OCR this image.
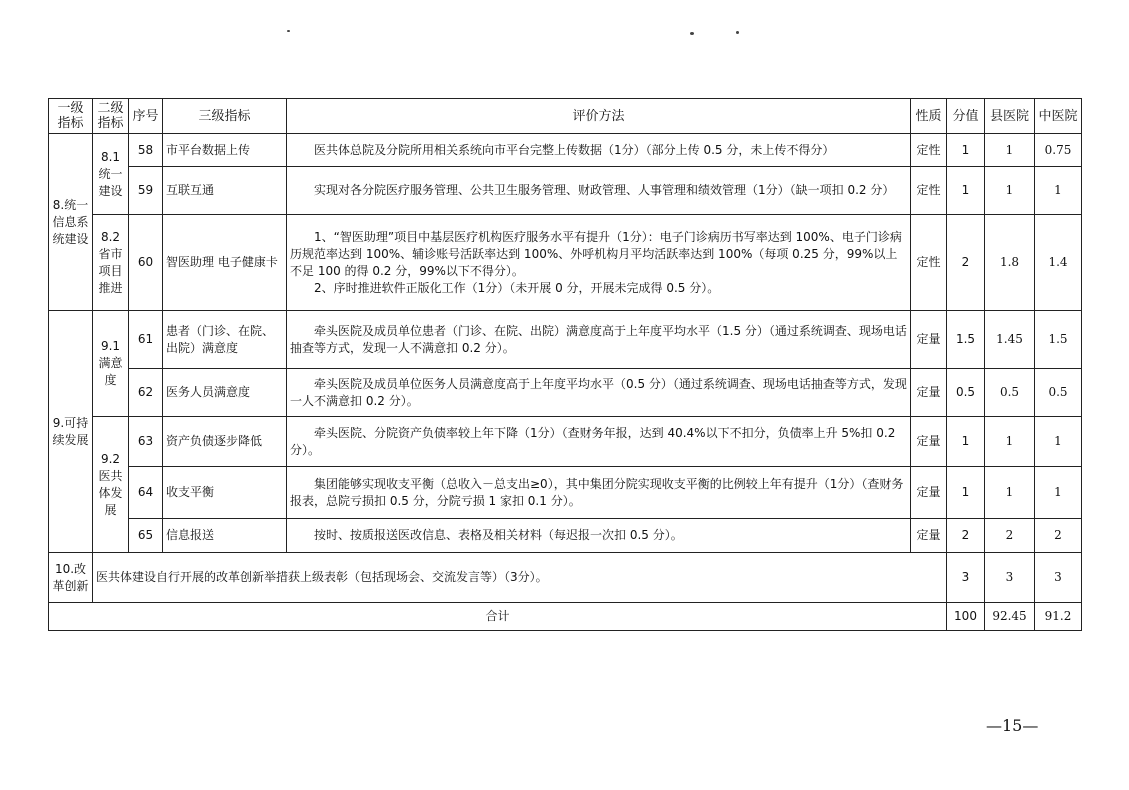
一级指标	二级指标	序号	三级指标	评价方法	性质	分值	县医院	中医院
8.统一信息系统建设	8.1统一建设	58	市平台数据上传	医共体总院及分院所用相关系统向市平台完整上传数据（1分）（部分上传 0.5 分，未上传不得分）	定性	1	1	0.75
		59	互联互通	实现对各分院医疗服务管理、公共卫生服务管理、财政管理、人事管理和绩效管理（1分）（缺一项扣 0.2 分）	定性	1	1	1
	8.2省市项目推进	60	智医助理 电子健康卡	1、“智医助理”项目中基层医疗机构医疗服务水平有提升（1分）：电子门诊病历书写率达到 100%、电子门诊病历规范率达到 100%、辅诊账号活跃率达到 100%、外呼机构月平均活跃率达到 100%（每项 0.25 分，99%以上不足 100 的得 0.2 分，99%以下不得分）。
2、序时推进软件正版化工作（1分）（未开展 0 分，开展未完成得 0.5 分）。	定性	2	1.8	1.4

9.可持续发展	9.1满意度	61	患者（门诊、在院、出院）满意度	牵头医院及成员单位患者（门诊、在院、出院）满意度高于上年度平均水平（1.5 分）（通过系统调查、现场电话抽查等方式，发现一人不满意扣 0.2 分）。	定量	1.5	1.45	1.5
		62	医务人员满意度	牵头医院及成员单位医务人员满意度高于上年度平均水平（0.5 分）（通过系统调查、现场电话抽查等方式，发现一人不满意扣 0.2 分）。	定量	0.5	0.5	0.5
	9.2医共体发展	63	资产负债逐步降低	牵头医院、分院资产负债率较上年下降（1分）（查财务年报，达到 40.4%以下不扣分，负债率上升 5%扣 0.2 分）。	定量	1	1	1
		64	收支平衡	集团能够实现收支平衡（总收入－总支出≥0），其中集团分院实现收支平衡的比例较上年有提升（1分）（查财务报表，总院亏损扣 0.5 分，分院亏损 1 家扣 0.1 分）。	定量	1	1	1
		65	信息报送	按时、按质报送医改信息、表格及相关材料（每迟报一次扣 0.5 分）。	定量	2	2	2
10.改革创新	医共体建设自行开展的改革创新举措获上级表彰（包括现场会、交流发言等）（3分）。					3	3	3
合计						100	92.45	91.2
—15—
